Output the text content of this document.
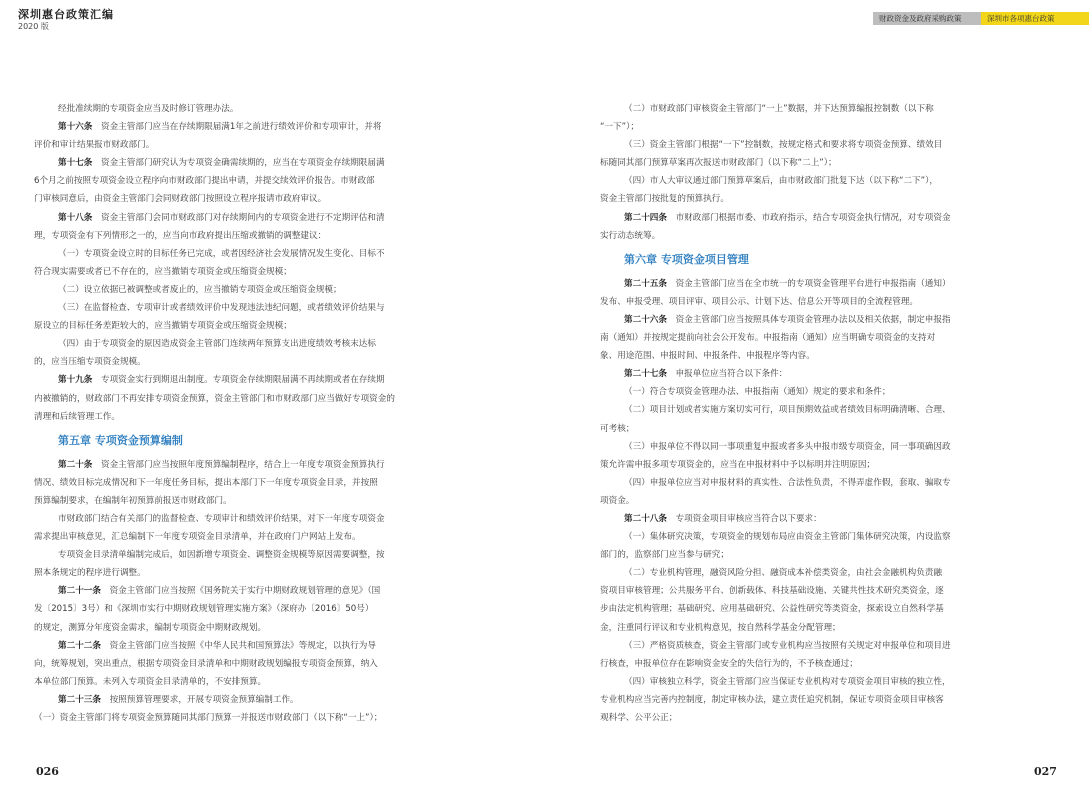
深圳惠台政策汇编
2020 版
财政资金及政府采购政策	深圳市各项惠台政策
经批准续期的专项资金应当及时修订管理办法。
第十六条　资金主管部门应当在存续期限届满1年之前进行绩效评价和专项审计，并将
评价和审计结果报市财政部门。
第十七条　资金主管部门研究认为专项资金确需续期的，应当在专项资金存续期限届满
6个月之前按照专项资金设立程序向市财政部门提出申请，并提交续效评价报告。市财政部
门审核同意后，由资金主管部门会同财政部门按照设立程序报请市政府审议。
第十八条　资金主管部门会同市财政部门对存续期间内的专项资金进行不定期评估和清
理，专项资金有下列情形之一的，应当向市政府提出压缩或撤销的调整建议：
（一）专项资金设立时的目标任务已完成，或者因经济社会发展情况发生变化、目标不
符合现实需要或者已不存在的，应当撤销专项资金或压缩资金规模；
（二）设立依据已被调整或者废止的，应当撤销专项资金或压缩资金规模；
（三）在监督检查、专项审计或者绩效评价中发现违法违纪问题，或者绩效评价结果与
原设立的目标任务差距较大的，应当撤销专项资金或压缩资金规模；
（四）由于专项资金的原因造成资金主管部门连续两年预算支出进度绩效考核末达标
的，应当压缩专项资金规模。
第十九条　专项资金实行到期退出制度。专项资金存续期限届满不再续期或者在存续期
内被撤销的，财政部门不再安排专项资金预算，资金主管部门和市财政部门应当做好专项资金的
清理和后续管理工作。
第五章 专项资金预算编制
第二十条　资金主管部门应当按照年度预算编制程序，结合上一年度专项资金预算执行
情况、绩效目标完成情况和下一年度任务目标，提出本部门下一年度专项资金目录，并按照
预算编制要求，在编制年初预算前报送市财政部门。
市财政部门结合有关部门的监督检查、专项审计和绩效评价结果，对下一年度专项资金
需求提出审核意见，汇总编制下一年度专项资金目录清单，并在政府门户网站上发布。
专项资金目录清单编制完成后，如因新增专项资金、调整资金规模等原因需要调整，按
照本条规定的程序进行调整。
第二十一条　资金主管部门应当按照《国务院关于实行中期财政规划管理的意见》（国
发〔2015〕3号）和《深圳市实行中期财政规划管理实施方案》（深府办〔2016〕50号）
的规定，测算分年度资金需求，编制专项资金中期财政规划。
第二十二条　资金主管部门应当按照《中华人民共和国预算法》等规定，以执行为导
向，统筹规划，突出重点，根据专项资金目录清单和中期财政规划编报专项资金预算，纳入
本单位部门预算。未列入专项资金目录清单的，不安排预算。
第二十三条　按照预算管理要求，开展专项资金预算编制工作。
（一）资金主管部门将专项资金预算随同其部门预算一并报送市财政部门（以下称“一上”）；
（二）市财政部门审核资金主管部门“一上”数据，并下达预算编报控制数（以下称
“一下”）；
（三）资金主管部门根据“一下”控制数，按规定格式和要求将专项资金预算、绩效目
标随同其部门预算草案再次报送市财政部门（以下称“二上”）；
（四）市人大审议通过部门预算草案后，由市财政部门批复下达（以下称“二下”），
资金主管部门按批复的预算执行。
第二十四条　市财政部门根据市委、市政府指示，结合专项资金执行情况，对专项资金
实行动态统筹。
第六章 专项资金项目管理
第二十五条　资金主管部门应当在全市统一的专项资金管理平台进行申报指南（通知）
发布、申报受理、项目评审、项目公示、计划下达、信息公开等项目的全流程管理。
第二十六条　资金主管部门应当按照具体专项资金管理办法以及相关依据，制定申报指
南（通知）并按规定提前向社会公开发布。申报指南（通知）应当明确专项资金的支持对
象、用途范围、申报时间、申报条件、申报程序等内容。
第二十七条　申报单位应当符合以下条件：
（一）符合专项资金管理办法、申报指南（通知）规定的要求和条件；
（二）项目计划或者实施方案切实可行，项目预期效益或者绩效目标明确清晰、合理、
可考核；
（三）申报单位不得以同一事项重复申报或者多头申报市级专项资金，同一事项确因政
策允许需申报多项专项资金的，应当在申报材料中予以标明并注明原因；
（四）申报单位应当对申报材料的真实性、合法性负责，不得弄虚作假，套取、骗取专
项资金。
第二十八条　专项资金项目审核应当符合以下要求：
（一）集体研究决策，专项资金的规划布局应由资金主管部门集体研究决策，内设监察
部门的，监察部门应当参与研究；
（二）专业机构管理，融资风险分担、融资成本补偿类资金，由社会金融机构负责融
资项目审核管理；公共服务平台、创新载体、科技基础设施、关键共性技术研究类资金，逐
步由法定机构管理；基础研究、应用基础研究、公益性研究等类资金，探索设立自然科学基
金，注重同行评议和专业机构意见，按自然科学基金分配管理；
（三）严格资质核查，资金主管部门或专业机构应当按照有关规定对申报单位和项目进
行核查，申报单位存在影响资金安全的失信行为的，不予核查通过；
（四）审核独立科学，资金主管部门应当保证专业机构对专项资金项目审核的独立性，
专业机构应当完善内控制度，制定审核办法，建立责任追究机制，保证专项资金项目审核客
观科学、公平公正；
026	027
